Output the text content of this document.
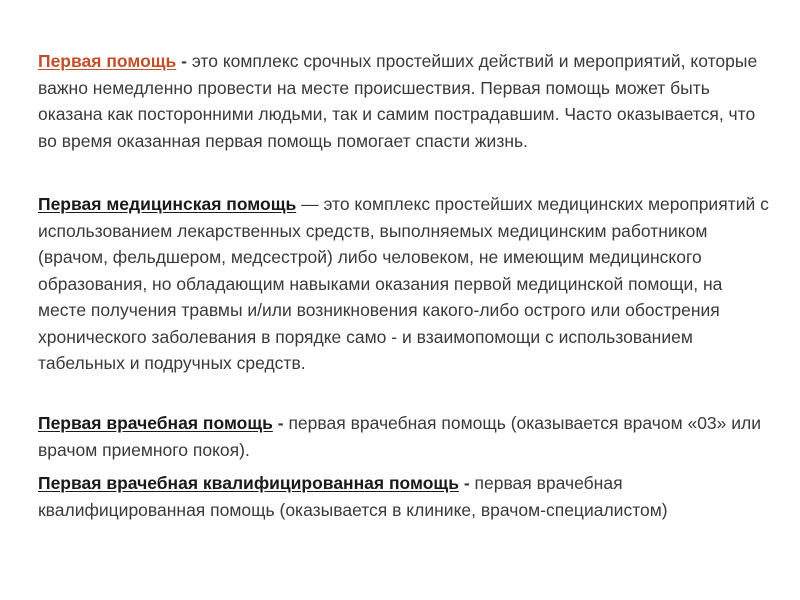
Первая помощь - это комплекс срочных простейших действий и мероприятий, которые важно немедленно провести на месте происшествия. Первая помощь может быть оказана как посторонними людьми, так и самим пострадавшим. Часто оказывается, что во время оказанная первая помощь помогает спасти жизнь.

Первая медицинская помощь — это комплекс простейших медицинских мероприятий с использованием лекарственных средств, выполняемых медицинским работником (врачом, фельдшером, медсестрой) либо человеком, не имеющим медицинского образования, но обладающим навыками оказания первой медицинской помощи, на месте получения травмы и/или возникновения какого-либо острого или обострения хронического заболевания в порядке само - и взаимопомощи с использованием табельных и подручных средств.

Первая врачебная помощь - первая врачебная помощь (оказывается врачом «03» или врачом приемного покоя).

Первая врачебная квалифицированная помощь - первая врачебная квалифицированная помощь (оказывается в клинике, врачом-специалистом)
